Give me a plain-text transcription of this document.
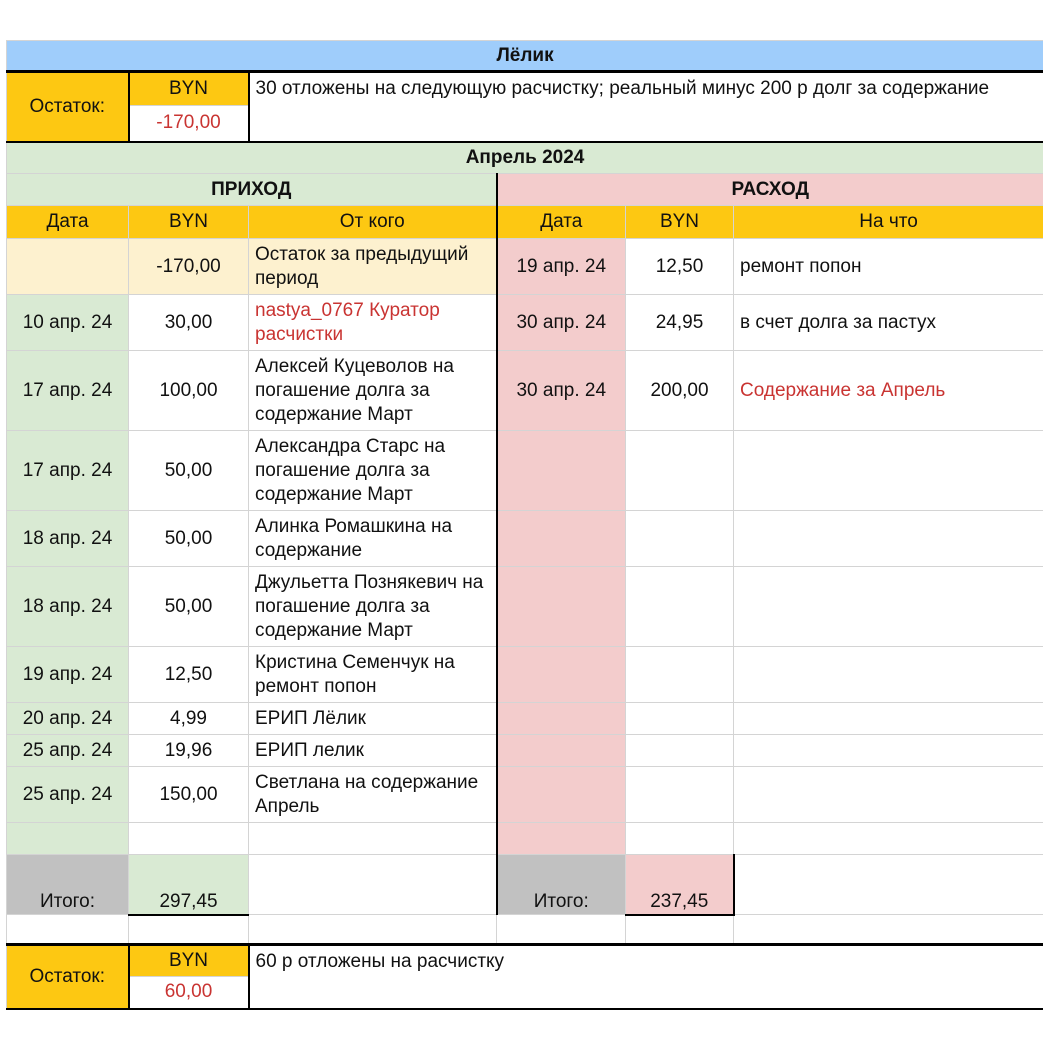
Лёлик					
Остаток:	BYN	30 отложены на следующую расчистку; реальный минус 200 р долг за содержание			
	-170,00				
Апрель 2024					
ПРИХОД			РАСХОД		
Дата	BYN	От кого	Дата	BYN	На что
	-170,00	Остаток за предыдущий период	19 апр. 24	12,50	ремонт попон
10 апр. 24	30,00	nastya_0767 Куратор расчистки	30 апр. 24	24,95	в счет долга за пастух
17 апр. 24	100,00	Алексей Куцеволов на погашение долга за содержание Март	30 апр. 24	200,00	Содержание за Апрель
17 апр. 24	50,00	Александра Старс на погашение долга за содержание Март			
18 апр. 24	50,00	Алинка Ромашкина на содержание			
18 апр. 24	50,00	Джульетта Познякевич на погашение долга за содержание Март			
19 апр. 24	12,50	Кристина Семенчук на ремонт попон			
20 апр. 24	4,99	ЕРИП Лёлик			
25 апр. 24	19,96	ЕРИП лелик			
25 апр. 24	150,00	Светлана на содержание Апрель			

Итого:	297,45		Итого:	237,45	

Остаток:	BYN	60 р отложены на расчистку			
	60,00				
